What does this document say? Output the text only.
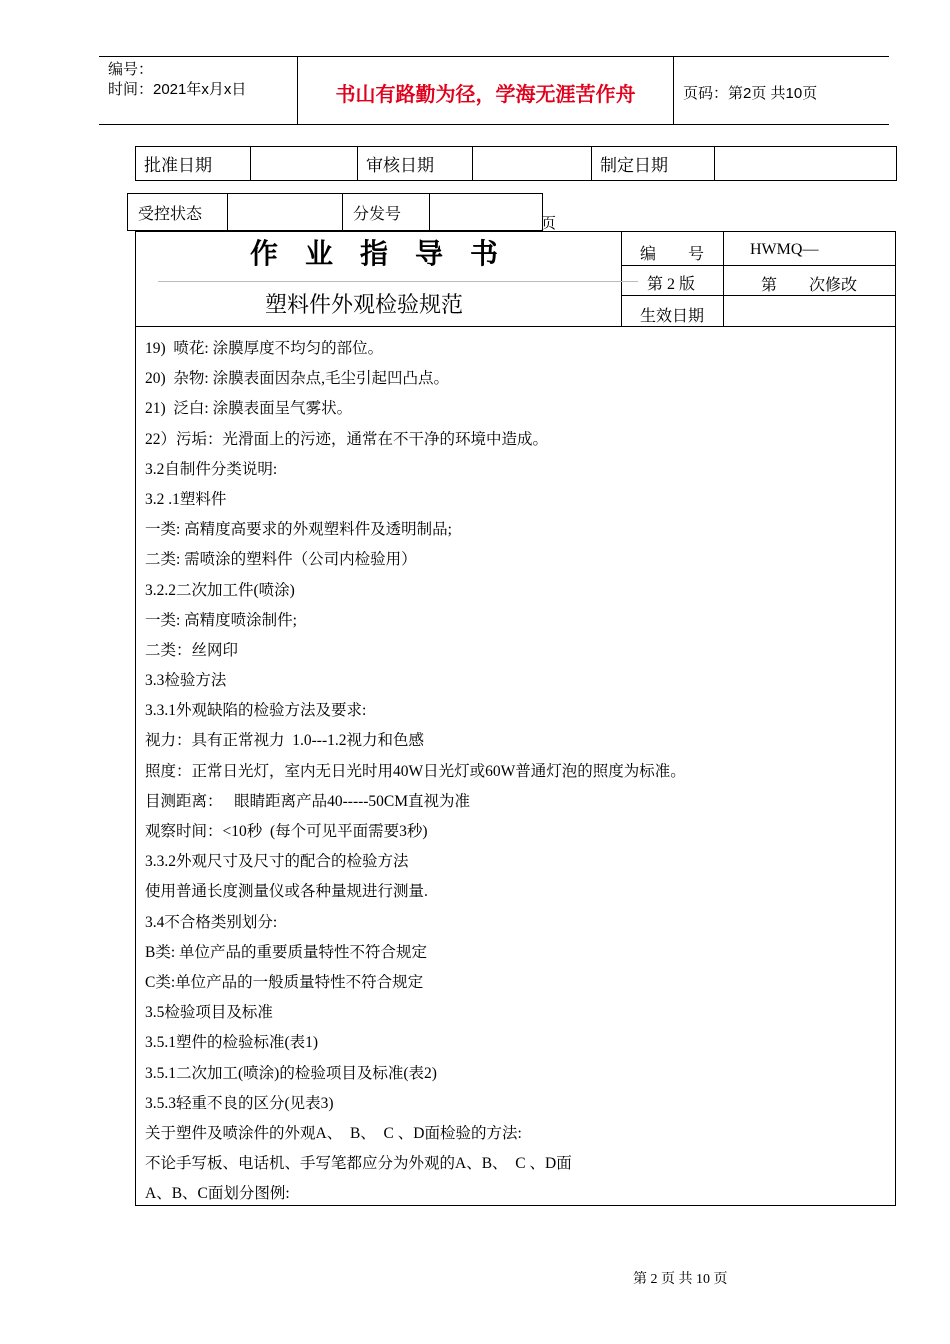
编号：
时间：2021年x月x日	书山有路勤为径，学海无涯苦作舟	页码：第2页 共10页
批准日期		审核日期		制定日期	
受控状态		分发号	
页
作业指导书
塑料件外观检验规范
编　　号	HWMQ—
第 2 版	第　　次修改
生效日期
19)  喷花: 涂膜厚度不均匀的部位。
20)  杂物: 涂膜表面因杂点,毛尘引起凹凸点。
21)  泛白: 涂膜表面呈气雾状。
22）污垢：光滑面上的污迹，通常在不干净的环境中造成。
3.2自制件分类说明:
3.2 .1塑料件
一类: 高精度高要求的外观塑料件及透明制品;
二类: 需喷涂的塑料件（公司内检验用）
3.2.2二次加工件(喷涂)
一类: 高精度喷涂制件;
二类：丝网印
3.3检验方法
3.3.1外观缺陷的检验方法及要求:
视力：具有正常视力  1.0---1.2视力和色感
照度：正常日光灯，室内无日光时用40W日光灯或60W普通灯泡的照度为标准。
目测距离：   眼睛距离产品40-----50CM直视为准
观察时间：<10秒  (每个可见平面需要3秒)
3.3.2外观尺寸及尺寸的配合的检验方法
使用普通长度测量仪或各种量规进行测量.
3.4不合格类别划分:
B类: 单位产品的重要质量特性不符合规定
C类:单位产品的一般质量特性不符合规定
3.5检验项目及标准
3.5.1塑件的检验标准(表1)
3.5.1二次加工(喷涂)的检验项目及标准(表2)
3.5.3轻重不良的区分(见表3)
关于塑件及喷涂件的外观A、  B、  C 、D面检验的方法:
不论手写板、电话机、手写笔都应分为外观的A、B、  C 、D面
A、B、C面划分图例:
第 2 页 共 10 页
